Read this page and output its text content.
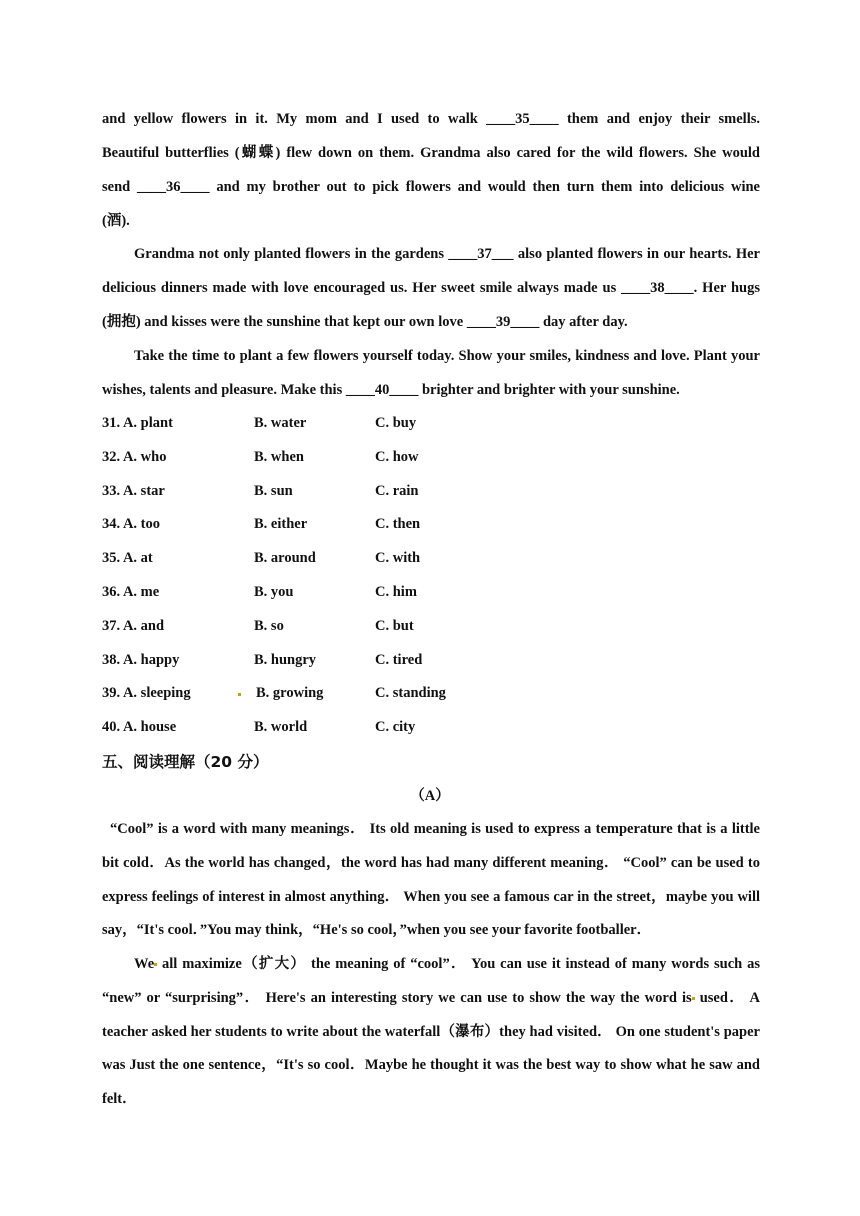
and yellow flowers in it. My mom and I used to walk ____35____ them and enjoy their smells.

Beautiful butterflies (蝴蝶) flew down on them. Grandma also cared for the wild flowers. She would

send ____36____ and my brother out to pick flowers and would then turn them into delicious wine

(酒).

Grandma not only planted flowers in the gardens ____37___ also planted flowers in our hearts. Her delicious dinners made with love encouraged us. Her sweet smile always made us ____38____. Her hugs (拥抱) and kisses were the sunshine that kept our own love ____39____ day after day.

Take the time to plant a few flowers yourself today. Show your smiles, kindness and love. Plant your wishes, talents and pleasure. Make this ____40____ brighter and brighter with your sunshine.

31. A. plant	B. water	C. buy
32. A. who	B. when	C. how
33. A. star	B. sun	C. rain
34. A. too	B. either	C. then
35. A. at	B. around	C. with
36. A. me	B. you	C. him
37. A. and	B. so	C. but
38. A. happy	B. hungry	C. tired
39. A. sleeping	B. growing	C. standing
40. A. house	B. world	C. city
五、阅读理解（20 分）
（A）

“Cool” is a word with many meanings． Its old meaning is used to express a temperature that is a little bit cold．As the world has changed，the word has had many different meaning． “Cool” can be used to express feelings of interest in almost anything． When you see a famous car in the street，maybe you will say，“It's cool．”You may think，“He's so cool，”when you see your favorite footballer．

We all maximize（扩大） the meaning of “cool”． You can use it instead of many words such as “new” or “surprising”． Here's an interesting story we can use to show the way the word is used． A teacher asked her students to write about the waterfall（瀑布）they had visited． On one student's paper was Just the one sentence，“It's so cool．Maybe he thought it was the best way to show what he saw and felt．
